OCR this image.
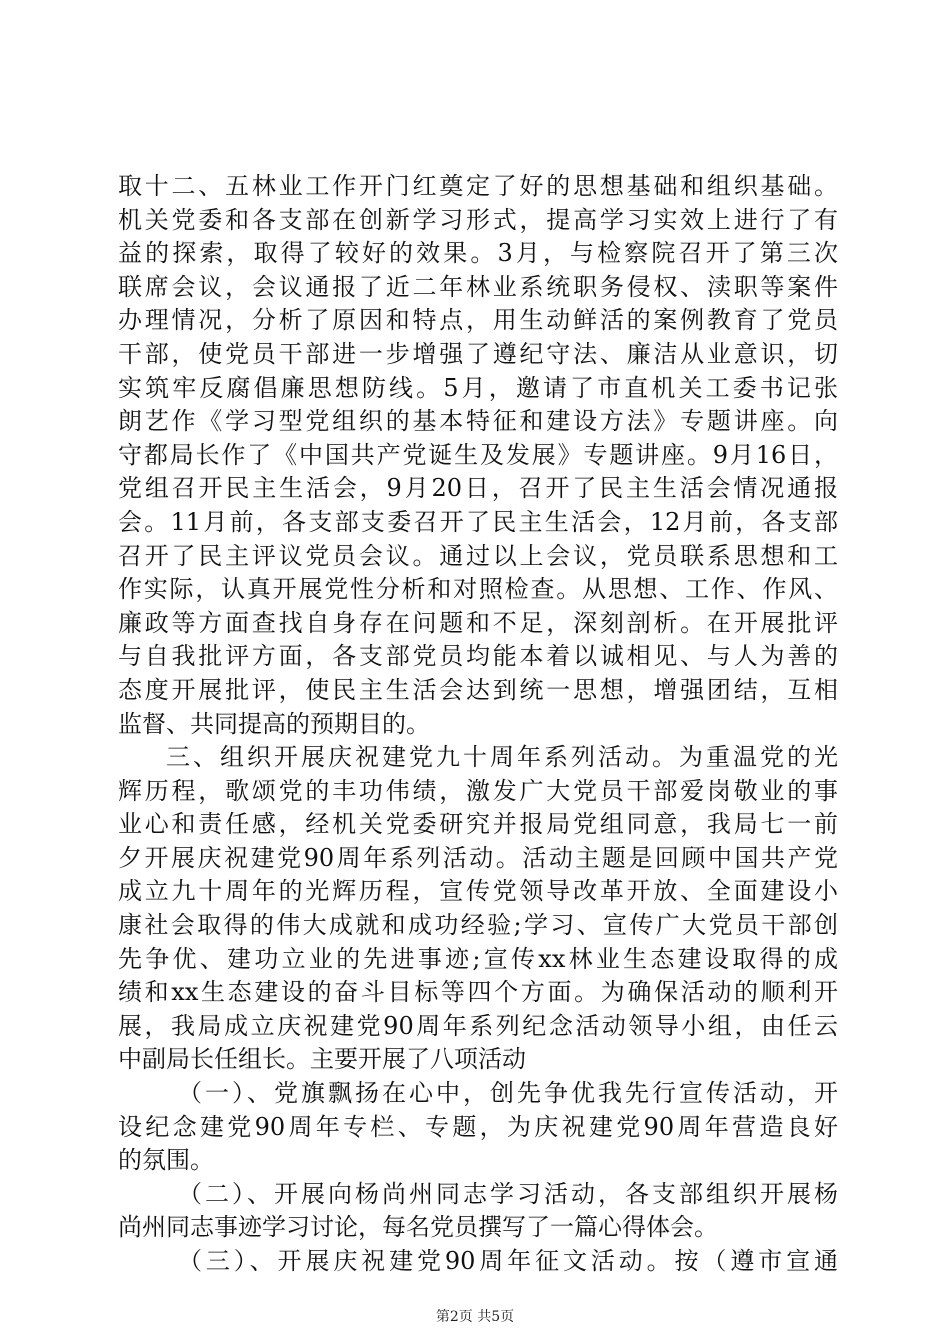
取十二、五林业工作开门红奠定了好的思想基础和组织基础。
机关党委和各支部在创新学习形式，提高学习实效上进行了有
益的探索，取得了较好的效果。3月，与检察院召开了第三次
联席会议，会议通报了近二年林业系统职务侵权、渎职等案件
办理情况，分析了原因和特点，用生动鲜活的案例教育了党员
干部，使党员干部进一步增强了遵纪守法、廉洁从业意识，切
实筑牢反腐倡廉思想防线。5月，邀请了市直机关工委书记张
朗艺作《学习型党组织的基本特征和建设方法》专题讲座。向
守都局长作了《中国共产党诞生及发展》专题讲座。9月16日，
党组召开民主生活会，9月20日，召开了民主生活会情况通报
会。11月前，各支部支委召开了民主生活会，12月前，各支部
召开了民主评议党员会议。通过以上会议，党员联系思想和工
作实际，认真开展党性分析和对照检查。从思想、工作、作风、
廉政等方面查找自身存在问题和不足，深刻剖析。在开展批评
与自我批评方面，各支部党员均能本着以诚相见、与人为善的
态度开展批评，使民主生活会达到统一思想，增强团结，互相
监督、共同提高的预期目的。
三、组织开展庆祝建党九十周年系列活动。为重温党的光
辉历程，歌颂党的丰功伟绩，激发广大党员干部爱岗敬业的事
业心和责任感，经机关党委研究并报局党组同意，我局七一前
夕开展庆祝建党90周年系列活动。活动主题是回顾中国共产党
成立九十周年的光辉历程，宣传党领导改革开放、全面建设小
康社会取得的伟大成就和成功经验;学习、宣传广大党员干部创
先争优、建功立业的先进事迹;宣传xx林业生态建设取得的成
绩和xx生态建设的奋斗目标等四个方面。为确保活动的顺利开
展，我局成立庆祝建党90周年系列纪念活动领导小组，由任云
中副局长任组长。主要开展了八项活动
（一）、党旗飘扬在心中，创先争优我先行宣传活动，开
设纪念建党90周年专栏、专题，为庆祝建党90周年营造良好
的氛围。
（二）、开展向杨尚州同志学习活动，各支部组织开展杨
尚州同志事迹学习讨论，每名党员撰写了一篇心得体会。
（三）、开展庆祝建党90周年征文活动。按（遵市宣通
第2页 共5页
